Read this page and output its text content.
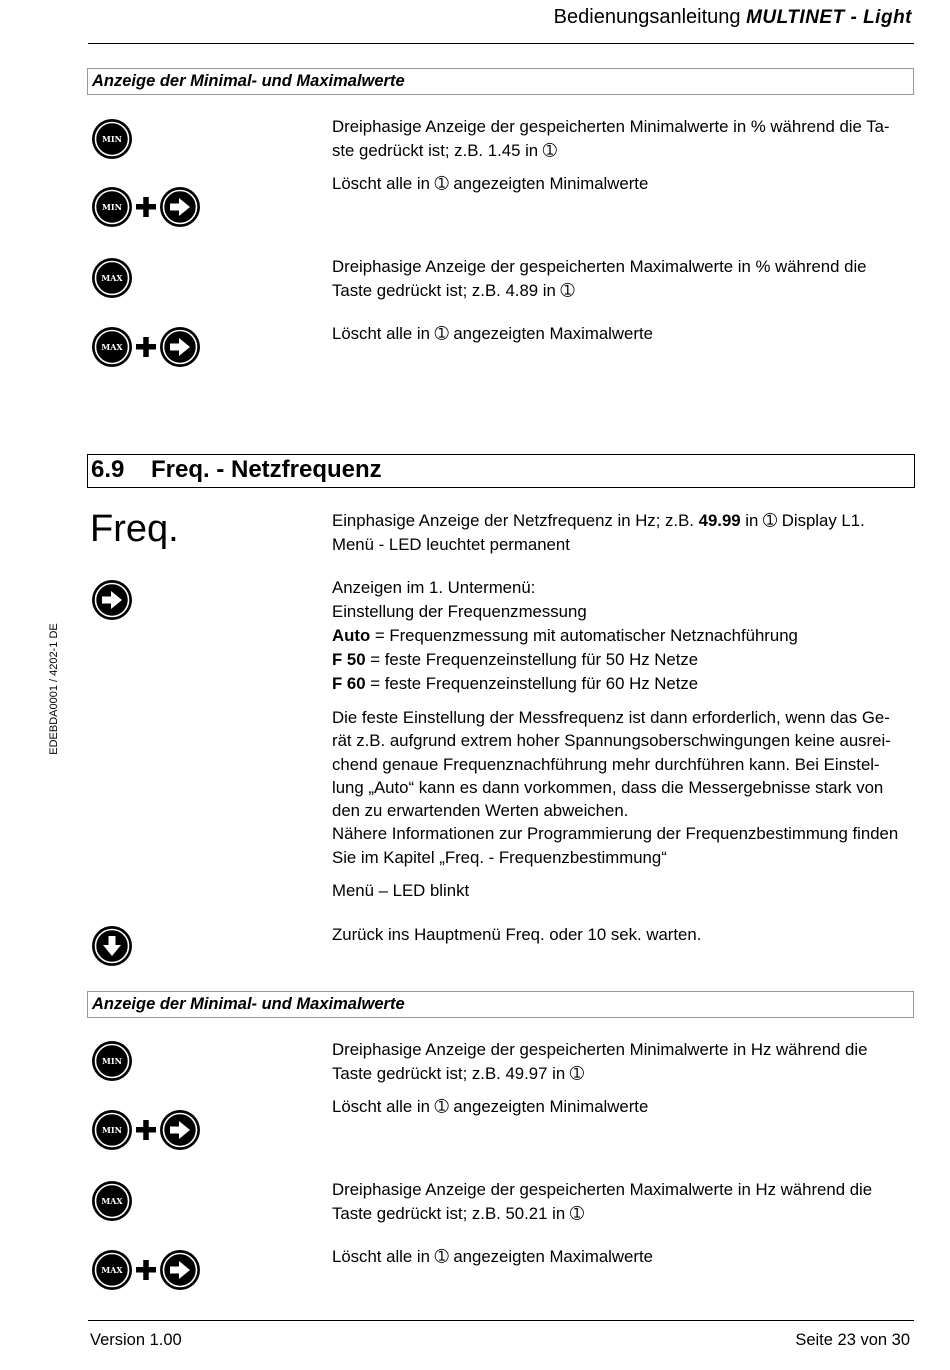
Bedienungsanleitung MULTINET - Light
EDEBDA0001 / 4202-1 DE
Anzeige der Minimal- und Maximalwerte
MIN
Dreiphasige Anzeige der gespeicherten Minimalwerte in % während die Ta-
ste gedrückt ist; z.B. 1.45 in ➀
MIN
Löscht alle in ➀ angezeigten Minimalwerte
MAX
Dreiphasige Anzeige der gespeicherten Maximalwerte in % während die
Taste gedrückt ist; z.B. 4.89 in ➀
MAX
Löscht alle in ➀ angezeigten Maximalwerte
6.9 Freq. - Netzfrequenz
Freq.	Einphasige Anzeige der Netzfrequenz in Hz; z.B. 49.99 in ➀ Display L1.
Menü - LED leuchtet permanent
Anzeigen im 1. Untermenü:
Einstellung der Frequenzmessung
Auto = Frequenzmessung mit automatischer Netznachführung
F 50 = feste Frequenzeinstellung für 50 Hz Netze
F 60 = feste Frequenzeinstellung für 60 Hz Netze
Die feste Einstellung der Messfrequenz ist dann erforderlich, wenn das Ge-
rät z.B. aufgrund extrem hoher Spannungsoberschwingungen keine ausrei-
chend genaue Frequenznachführung mehr durchführen kann. Bei Einstel-
lung „Auto“ kann es dann vorkommen, dass die Messergebnisse stark von
den zu erwartenden Werten abweichen.
Nähere Informationen zur Programmierung der Frequenzbestimmung finden
Sie im Kapitel „Freq. - Frequenzbestimmung“
Menü – LED blinkt
Zurück ins Hauptmenü Freq. oder 10 sek. warten.
Anzeige der Minimal- und Maximalwerte
MIN
Dreiphasige Anzeige der gespeicherten Minimalwerte in Hz während die
Taste gedrückt ist; z.B. 49.97 in ➀
MIN
Löscht alle in ➀ angezeigten Minimalwerte
MAX
Dreiphasige Anzeige der gespeicherten Maximalwerte in Hz während die
Taste gedrückt ist; z.B. 50.21 in ➀
MAX
Löscht alle in ➀ angezeigten Maximalwerte
Version 1.00	Seite 23 von 30
